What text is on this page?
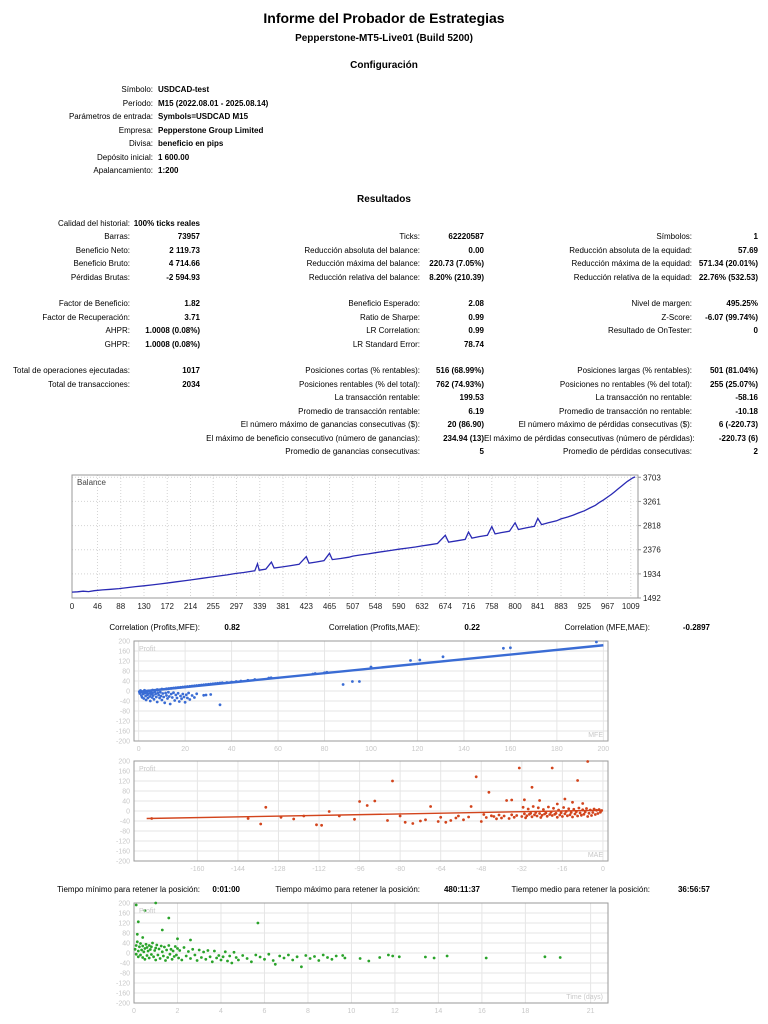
Informe del Probador de Estrategias
Pepperstone-MT5-Live01 (Build 5200)
Configuración
Símbolo: USDCAD-test
Período: M15 (2022.08.01 - 2025.08.14)
Parámetros de entrada: Symbols=USDCAD M15
Empresa: Pepperstone Group Limited
Divisa: beneficio en pips
Depósito inicial: 1 600.00
Apalancamiento: 1:200
Resultados
Calidad del historial: 100% ticks reales
Barras:	73957	Ticks:	62220587	Símbolos:	1
Beneficio Neto:	2 119.73	Reducción absoluta del balance:	0.00	Reducción absoluta de la equidad:	57.69
Beneficio Bruto:	4 714.66	Reducción máxima del balance:	220.73 (7.05%)	Reducción máxima de la equidad: 571.34 (20.01%)
Pérdidas Brutas:	-2 594.93	Reducción relativa del balance:	8.20% (210.39)	Reducción relativa de la equidad: 22.76% (532.53)
Factor de Beneficio:	1.82	Beneficio Esperado:	2.08	Nivel de margen:	495.25%
Factor de Recuperación:	3.71	Ratio de Sharpe:	0.99	Z-Score:	-6.07 (99.74%)
AHPR:	1.0008 (0.08%)	LR Correlation:	0.99	Resultado de OnTester:	0
GHPR:	1.0008 (0.08%)	LR Standard Error:	78.74
Total de operaciones ejecutadas:	1017	Posiciones cortas (% rentables):	516 (68.99%)	Posiciones largas (% rentables):	501 (81.04%)
Total de transacciones:	2034	Posiciones rentables (% del total):	762 (74.93%)	Posiciones no rentables (% del total):	255 (25.07%)
La transacción rentable:	199.53	La transacción no rentable:	-58.16
Promedio de transacción rentable:	6.19	Promedio de transacción no rentable:	-10.18
El número máximo de ganancias consecutivas ($):	20 (86.90)	El número máximo de pérdidas consecutivas ($):	6 (-220.73)
El máximo de beneficio consecutivo (número de ganancias):	234.94 (13) El máximo de pérdidas consecutivas (número de pérdidas):	-220.73 (6)
Promedio de ganancias consecutivas:	5	Promedio de pérdidas consecutivas:	2
Balance
1492
1934
2376
2818
3261
3703
0 46 88 130 172 214 255 297 339 381 423 465 507 548 590 632 674 716 758 800 841 883 925 967 1009
Correlation (Profits,MFE):	0.82	Correlation (Profits,MAE):	0.22	Correlation (MFE,MAE):	-0.2897
Profit
MFE
200
160
120
80
40
0
-40
-80
-120
-160
-200
0	20	40	60	80	100	120	140	160	180	200
Profit
MAE
200
160
120
80
40
0
-40
-80
-120
-160
-200
-160	-144	-128	-112	-96	-80	-64	-48	-32	-16	0
Tiempo mínimo para retener la posición:	0:01:00	Tiempo máximo para retener la posición:	480:11:37	Tiempo medio para retener la posición:	36:56:57
Profit
Time (days)
200
160
120
80
40
0
-40
-80
-120
-160
-200
0	2	4	6	8	10	12	14	16	18	21
